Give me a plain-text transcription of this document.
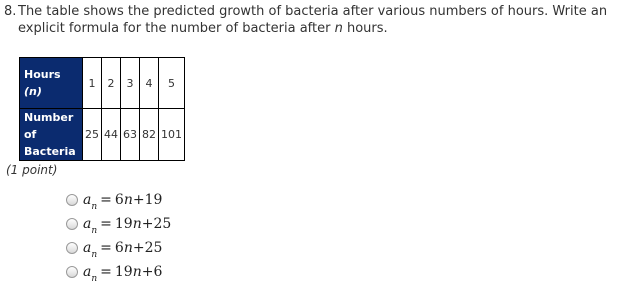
8. The table shows the predicted growth of bacteria after various numbers of hours. Write an explicit formula for the number of bacteria after n hours.
Hours
(n)	1	2	3	4	5

Number
of
Bacteria	25	44	63	82	101
(1 point)
$a_n = 6n+19$
$a_n = 19n+25$
$a_n = 6n+25$
$a_n = 19n+6$
